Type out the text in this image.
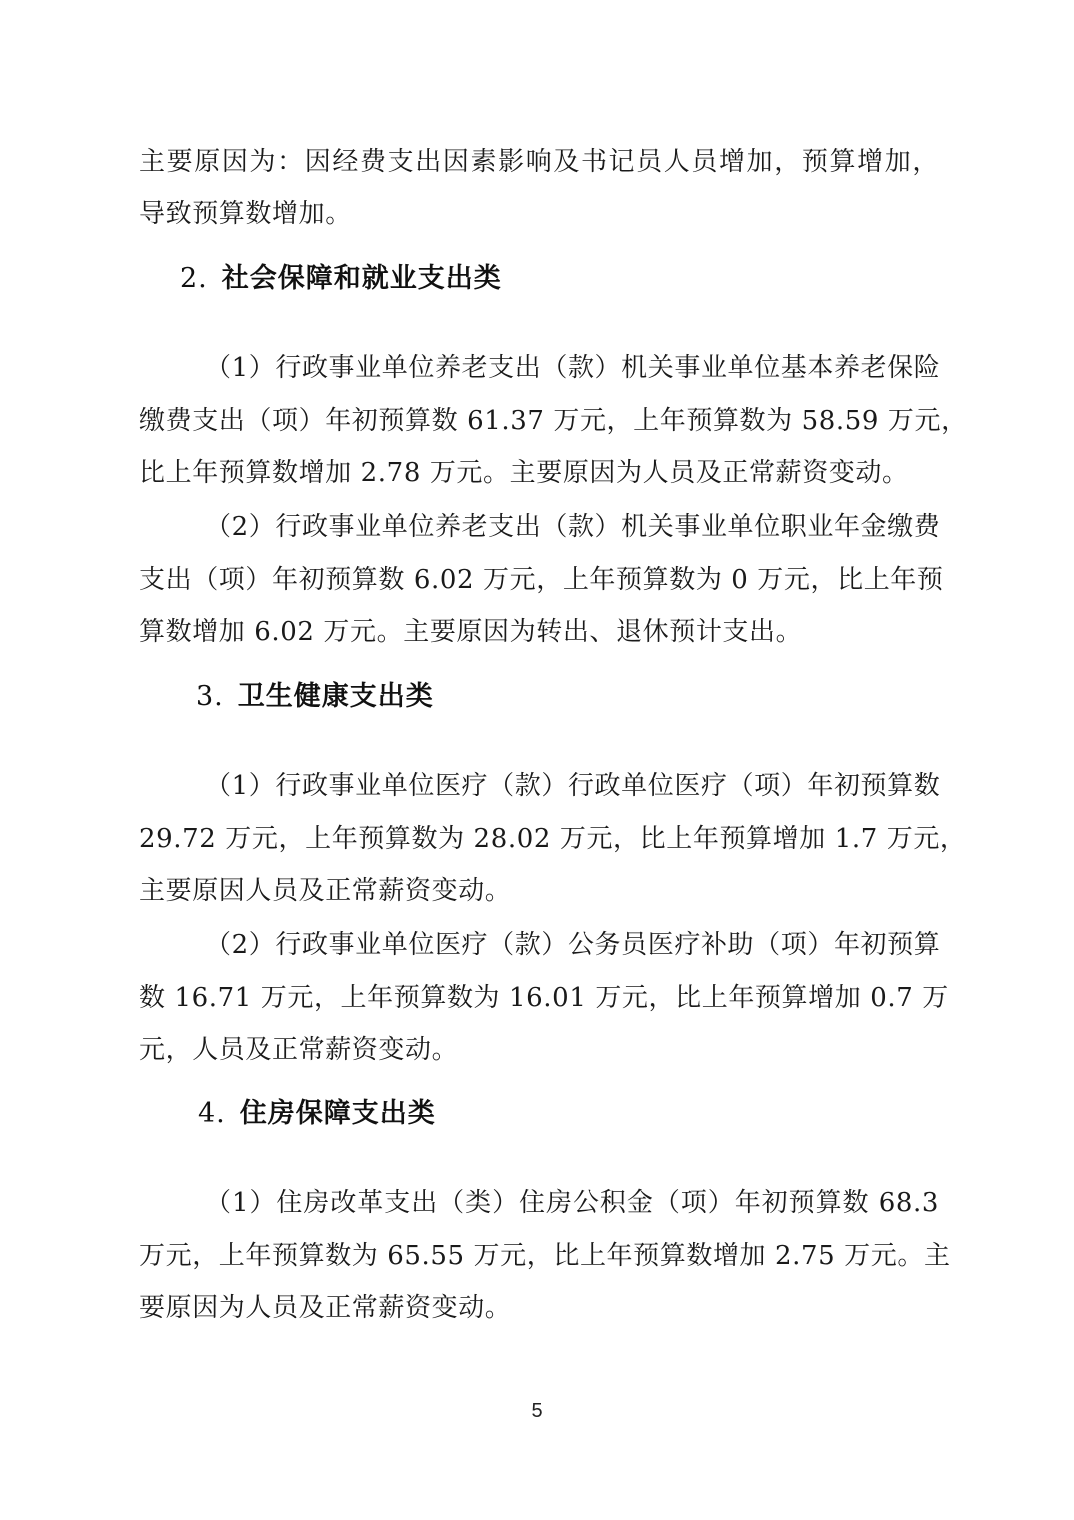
主要原因为：因经费支出因素影响及书记员人员增加，预算增加，
导致预算数增加。
2. 社会保障和就业支出类
（1）行政事业单位养老支出（款）机关事业单位基本养老保险
缴费支出（项）年初预算数 61.37 万元，上年预算数为 58.59 万元，
比上年预算数增加 2.78 万元。主要原因为人员及正常薪资变动。
（2）行政事业单位养老支出（款）机关事业单位职业年金缴费
支出（项）年初预算数 6.02 万元，上年预算数为 0 万元，比上年预
算数增加 6.02 万元。主要原因为转出、退休预计支出。
3. 卫生健康支出类
（1）行政事业单位医疗（款）行政单位医疗（项）年初预算数
29.72 万元，上年预算数为 28.02 万元，比上年预算增加 1.7 万元，
主要原因人员及正常薪资变动。
（2）行政事业单位医疗（款）公务员医疗补助（项）年初预算
数 16.71 万元，上年预算数为 16.01 万元，比上年预算增加 0.7 万
元，人员及正常薪资变动。
4. 住房保障支出类
（1）住房改革支出（类）住房公积金（项）年初预算数 68.3
万元，上年预算数为 65.55 万元，比上年预算数增加 2.75 万元。主
要原因为人员及正常薪资变动。
5
